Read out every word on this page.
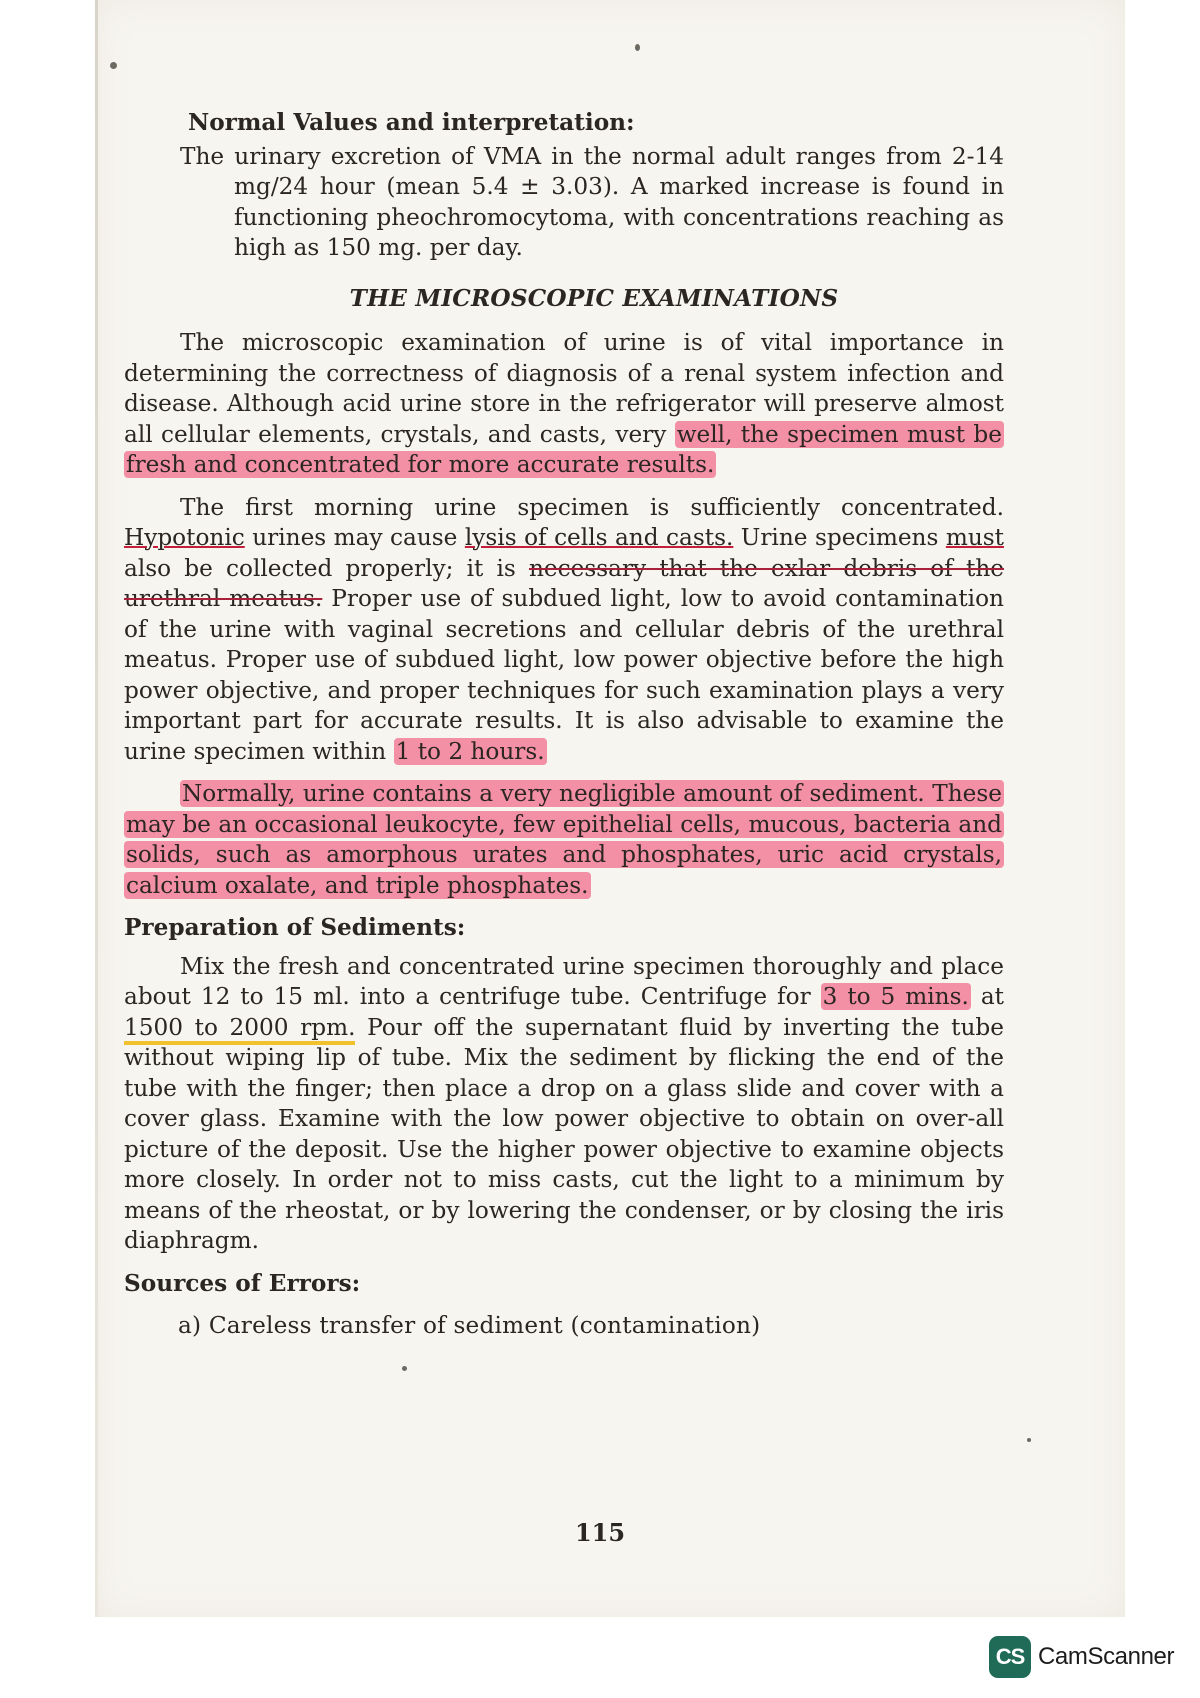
Normal Values and interpretation:

The urinary excretion of VMA in the normal adult ranges from 2-14 mg/24 hour (mean 5.4 ± 3.03). A marked increase is found in functioning pheochromocytoma, with concentrations reaching as high as 150 mg. per day.

THE MICROSCOPIC EXAMINATIONS

The microscopic examination of urine is of vital importance in determining the correctness of diagnosis of a renal system infection and disease. Although acid urine store in the refrigerator will preserve almost all cellular elements, crystals, and casts, very well, the specimen must be fresh and concentrated for more accurate results.

The first morning urine specimen is sufficiently concentrated. Hypotonic urines may cause lysis of cells and casts. Urine specimens must also be collected properly; it is necessary that the exlar debris of the urethral meatus. Proper use of subdued light, low to avoid contamination of the urine with vaginal secretions and cellular debris of the urethral meatus. Proper use of subdued light, low power objective before the high power objective, and proper techniques for such examination plays a very important part for accurate results. It is also advisable to examine the urine specimen within 1 to 2 hours.

Normally, urine contains a very negligible amount of sediment. These may be an occasional leukocyte, few epithelial cells, mucous, bacteria and solids, such as amorphous urates and phosphates, uric acid crystals, calcium oxalate, and triple phosphates.

Preparation of Sediments:

Mix the fresh and concentrated urine specimen thoroughly and place about 12 to 15 ml. into a centrifuge tube. Centrifuge for 3 to 5 mins. at 1500 to 2000 rpm. Pour off the supernatant fluid by inverting the tube without wiping lip of tube. Mix the sediment by flicking the end of the tube with the finger; then place a drop on a glass slide and cover with a cover glass. Examine with the low power objective to obtain on over-all picture of the deposit. Use the higher power objective to examine objects more closely. In order not to miss casts, cut the light to a minimum by means of the rheostat, or by lowering the condenser, or by closing the iris diaphragm.

Sources of Errors:

a) Careless transfer of sediment (contamination)

115
CS CamScanner
